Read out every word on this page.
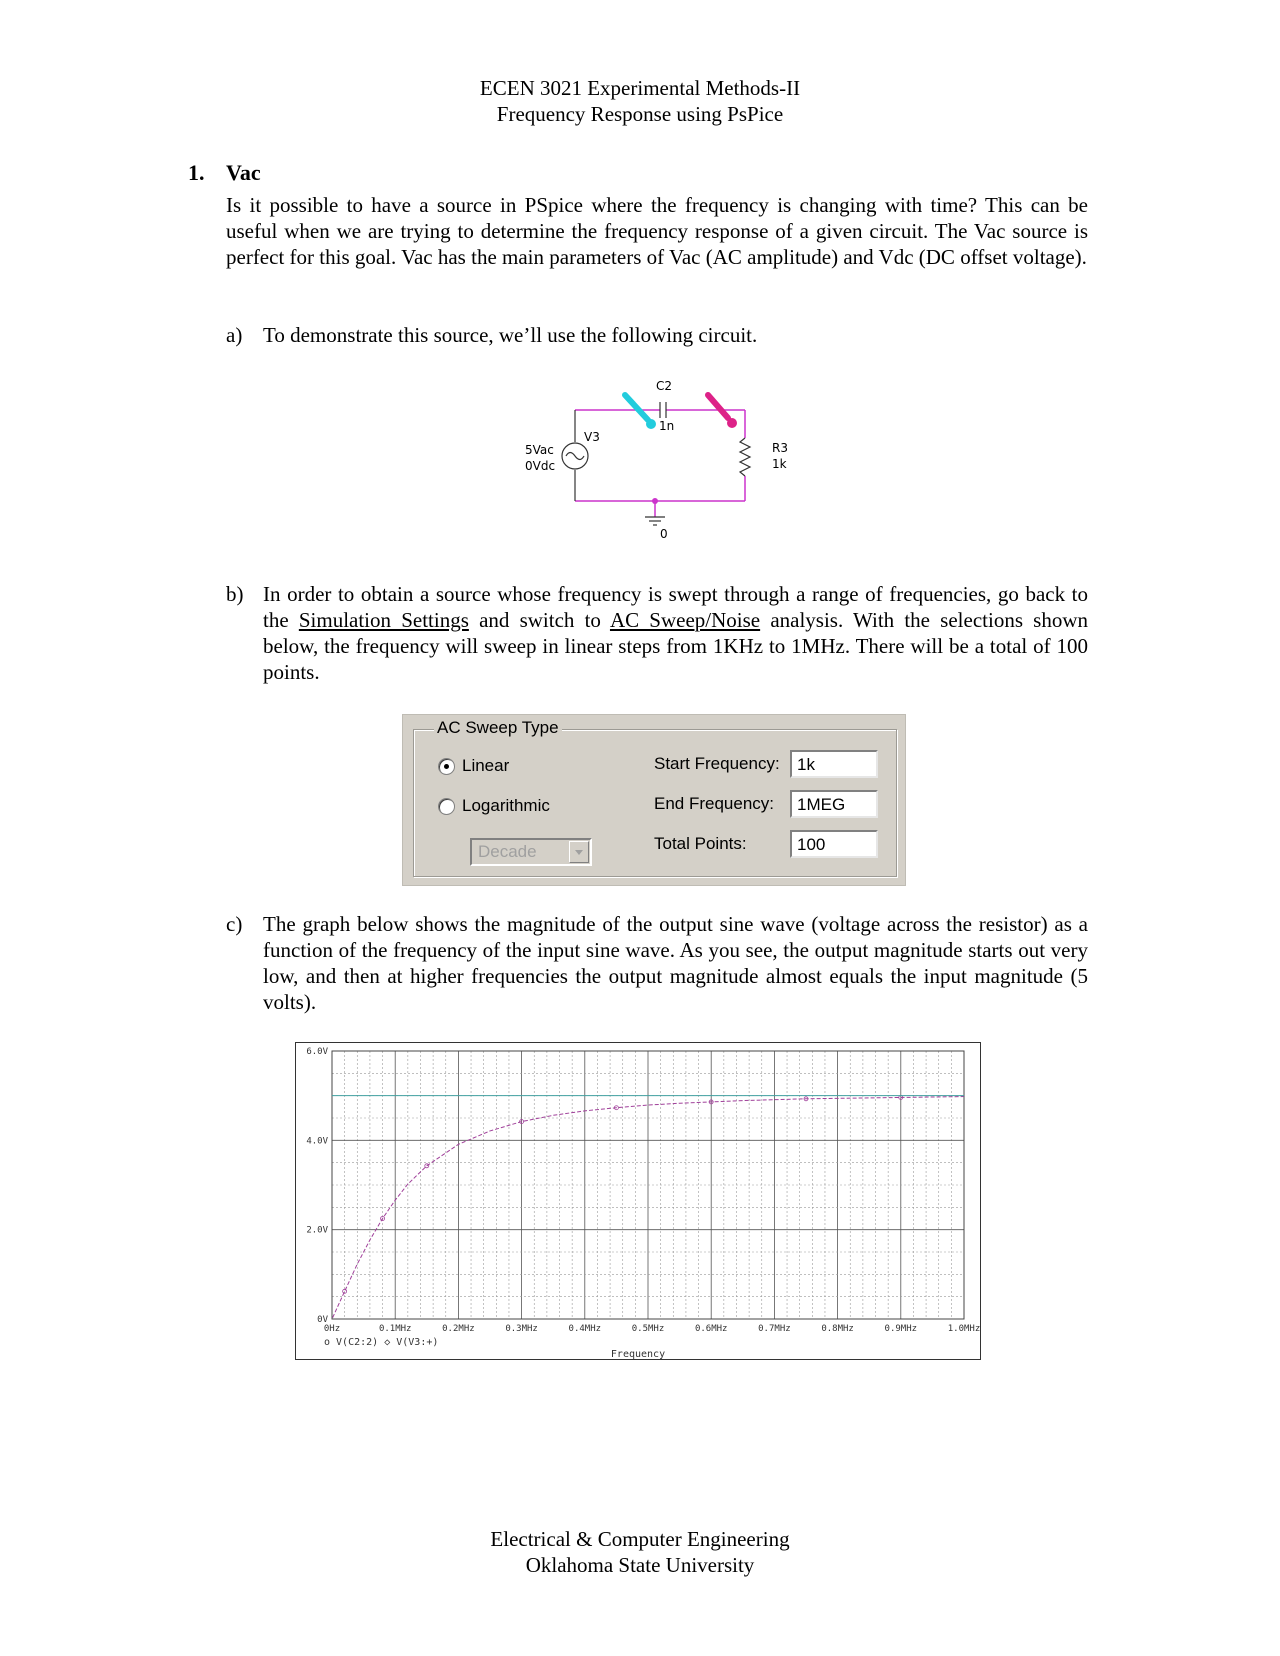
ECEN 3021 Experimental Methods-II
Frequency Response using PsPice
1. Vac
Is it possible to have a source in PSpice where the frequency is changing with time? This can be useful when we are trying to determine the frequency response of a given circuit. The Vac source is perfect for this goal. Vac has the main parameters of Vac (AC amplitude) and Vdc (DC offset voltage).
a) To demonstrate this source, we’ll use the following circuit.
C2
1n
V3
5Vac
0Vdc
R3
1k
0
b) In order to obtain a source whose frequency is swept through a range of frequencies, go back to the Simulation Settings and switch to AC Sweep/Noise analysis. With the selections shown below, the frequency will sweep in linear steps from 1KHz to 1MHz. There will be a total of 100 points.
AC Sweep Type
Linear
Logarithmic
Decade
Start Frequency:	1k
End Frequency:	1MEG
Total Points:	100
c) The graph below shows the magnitude of the output sine wave (voltage across the resistor) as a function of the frequency of the input sine wave. As you see, the output magnitude starts out very low, and then at higher frequencies the output magnitude almost equals the input magnitude (5 volts).
0V
2.0V
4.0V
6.0V
0Hz	0.1MHz	0.2MHz	0.3MHz	0.4MHz	0.5MHz	0.6MHz	0.7MHz	0.8MHz	0.9MHz	1.0MHz
o V(C2:2) ◇ V(V3:+)
Frequency
Electrical & Computer Engineering
Oklahoma State University
